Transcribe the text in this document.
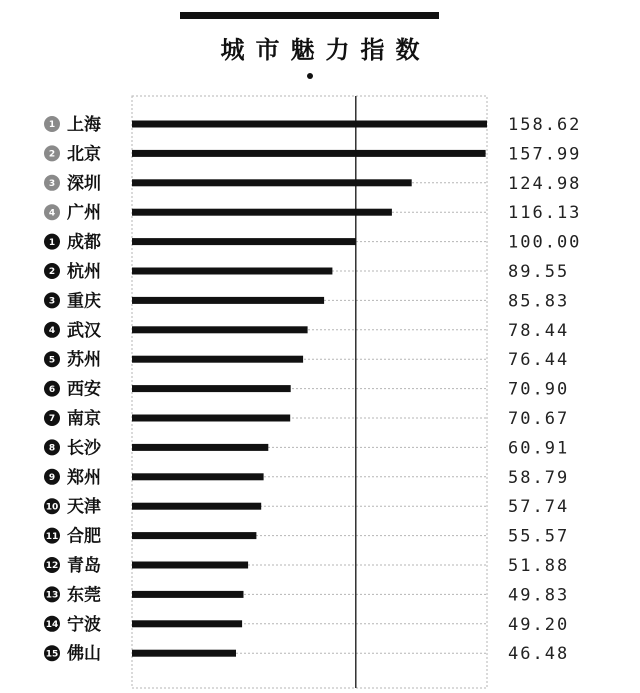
城市魅力指数
1 上海	158.62
2 北京	157.99
3 深圳	124.98
4 广州	116.13
1 成都	100.00
2 杭州	89.55
3 重庆	85.83
4 武汉	78.44
5 苏州	76.44
6 西安	70.90
7 南京	70.67
8 长沙	60.91
9 郑州	58.79
10 天津	57.74
11 合肥	55.57
12 青岛	51.88
13 东莞	49.83
14 宁波	49.20
15 佛山	46.48
